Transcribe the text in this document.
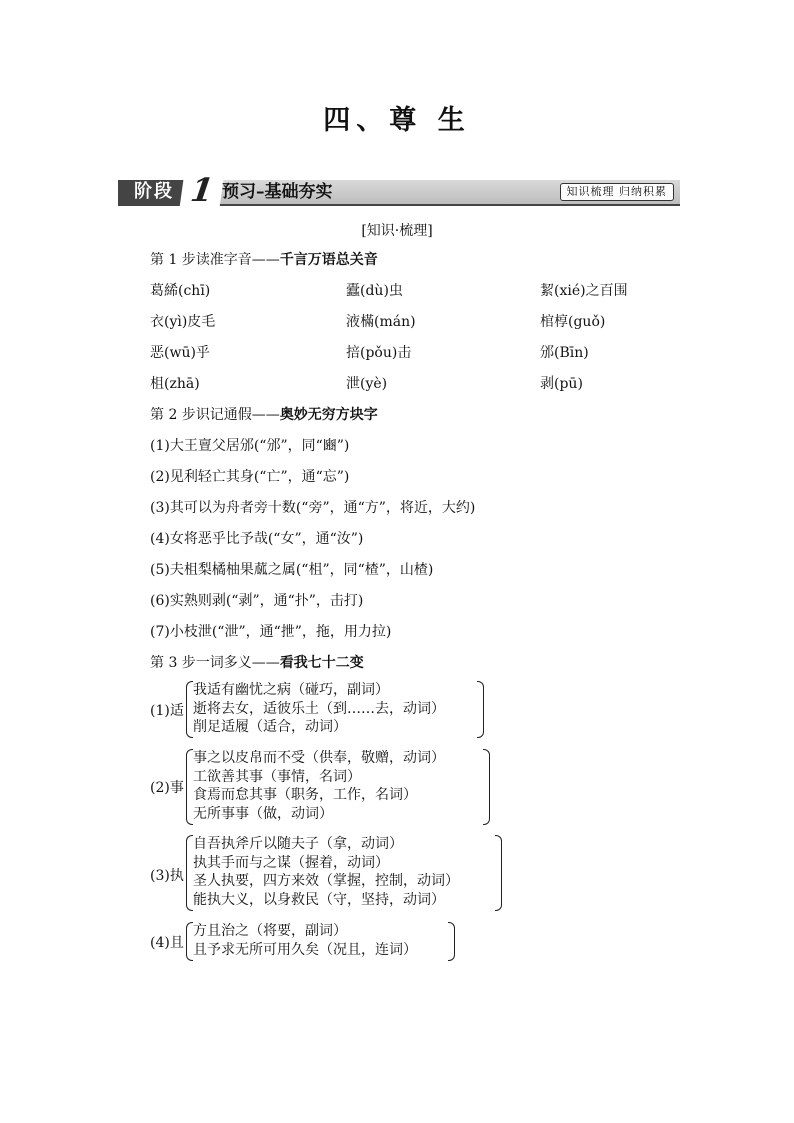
四、尊 生
阶段 1 预习–基础夯实	知识梳理 归纳积累
[知识·梳理]
第 1 步读准字音——千言万语总关音
葛絺(chī)	蠹(dù)虫	絜(xié)之百围
衣(yì)皮毛	液樠(mán)	棺椁(guǒ)
恶(wū)乎	掊(pǒu)击	邠(Bīn)
柤(zhā)	泄(yè)	剥(pū)
第 2 步识记通假——奥妙无穷方块字
(1)大王亶父居邠(“邠”，同“豳”)
(2)见利轻亡其身(“亡”，通“忘”)
(3)其可以为舟者旁十数(“旁”，通“方”，将近，大约)
(4)女将恶乎比予哉(“女”，通“汝”)
(5)夫柤梨橘柚果蓏之属(“柤”，同“楂”，山楂)
(6)实熟则剥(“剥”，通“扑”，击打)
(7)小枝泄(“泄”，通“抴”，拖，用力拉)
第 3 步一词多义——看我七十二变
(1)适
我适有幽忧之病（碰巧，副词）
逝将去女，适彼乐土（到……去，动词）
削足适履（适合，动词）
(2)事
事之以皮帛而不受（供奉，敬赠，动词）
工欲善其事（事情，名词）
食焉而怠其事（职务，工作，名词）
无所事事（做，动词）
(3)执
自吾执斧斤以随夫子（拿，动词）
执其手而与之谋（握着，动词）
圣人执要，四方来效（掌握，控制，动词）
能执大义，以身救民（守，坚持，动词）
(4)且
方且治之（将要，副词）
且予求无所可用久矣（况且，连词）
